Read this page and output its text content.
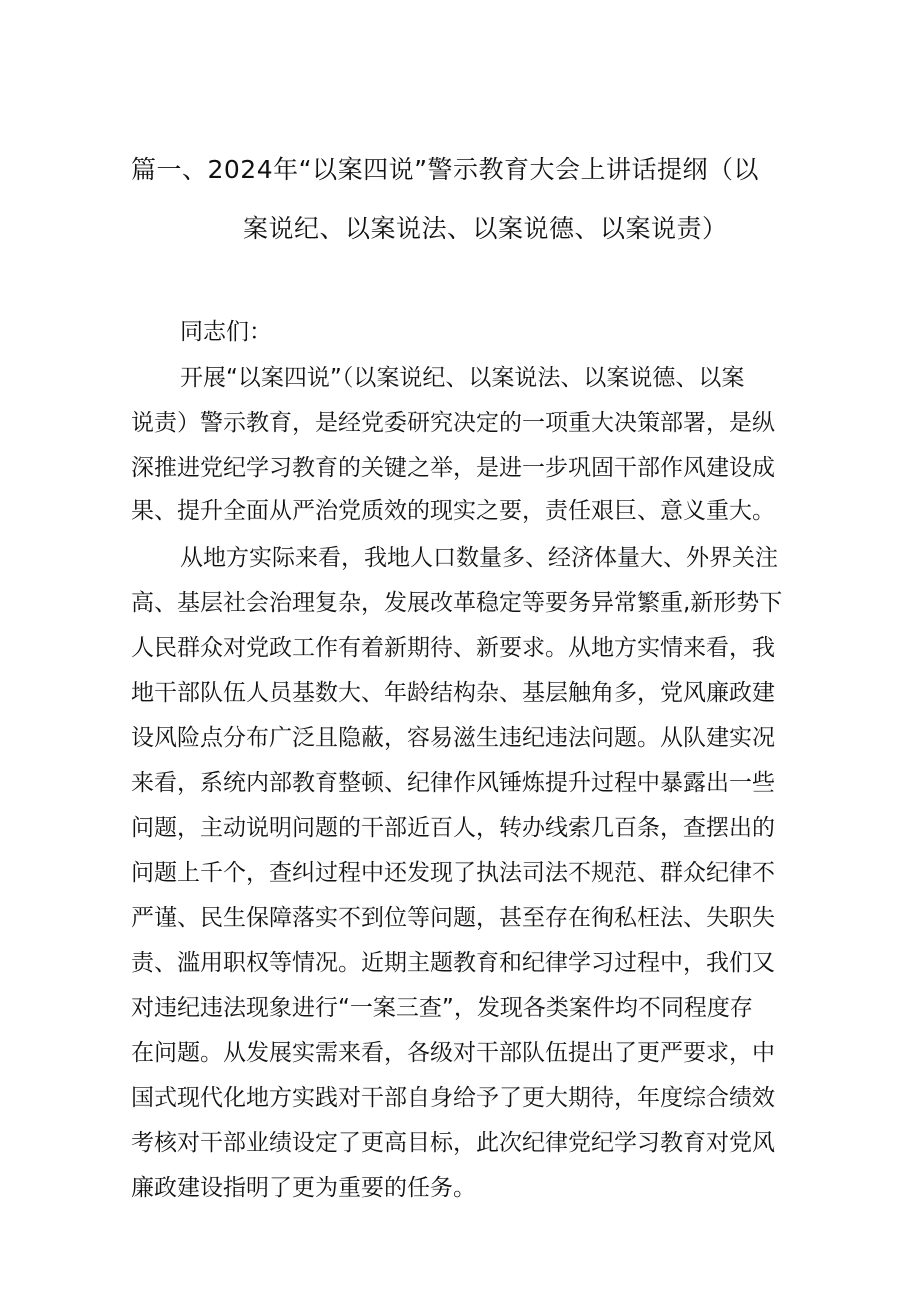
篇一、2024年“以案四说”警示教育大会上讲话提纲（以
案说纪、以案说法、以案说德、以案说责）
同志们：
开展“以案四说”（以案说纪、以案说法、以案说德、以案
说责）警示教育，是经党委研究决定的一项重大决策部署，是纵
深推进党纪学习教育的关键之举，是进一步巩固干部作风建设成
果、提升全面从严治党质效的现实之要，责任艰巨、意义重大。
从地方实际来看，我地人口数量多、经济体量大、外界关注
高、基层社会治理复杂，发展改革稳定等要务异常繁重,新形势下
人民群众对党政工作有着新期待、新要求。从地方实情来看，我
地干部队伍人员基数大、年龄结构杂、基层触角多，党风廉政建
设风险点分布广泛且隐蔽，容易滋生违纪违法问题。从队建实况
来看，系统内部教育整顿、纪律作风锤炼提升过程中暴露出一些
问题，主动说明问题的干部近百人，转办线索几百条，查摆出的
问题上千个，查纠过程中还发现了执法司法不规范、群众纪律不
严谨、民生保障落实不到位等问题，甚至存在徇私枉法、失职失
责、滥用职权等情况。近期主题教育和纪律学习过程中，我们又
对违纪违法现象进行“一案三查”，发现各类案件均不同程度存
在问题。从发展实需来看，各级对干部队伍提出了更严要求，中
国式现代化地方实践对干部自身给予了更大期待，年度综合绩效
考核对干部业绩设定了更高目标，此次纪律党纪学习教育对党风
廉政建设指明了更为重要的任务。
